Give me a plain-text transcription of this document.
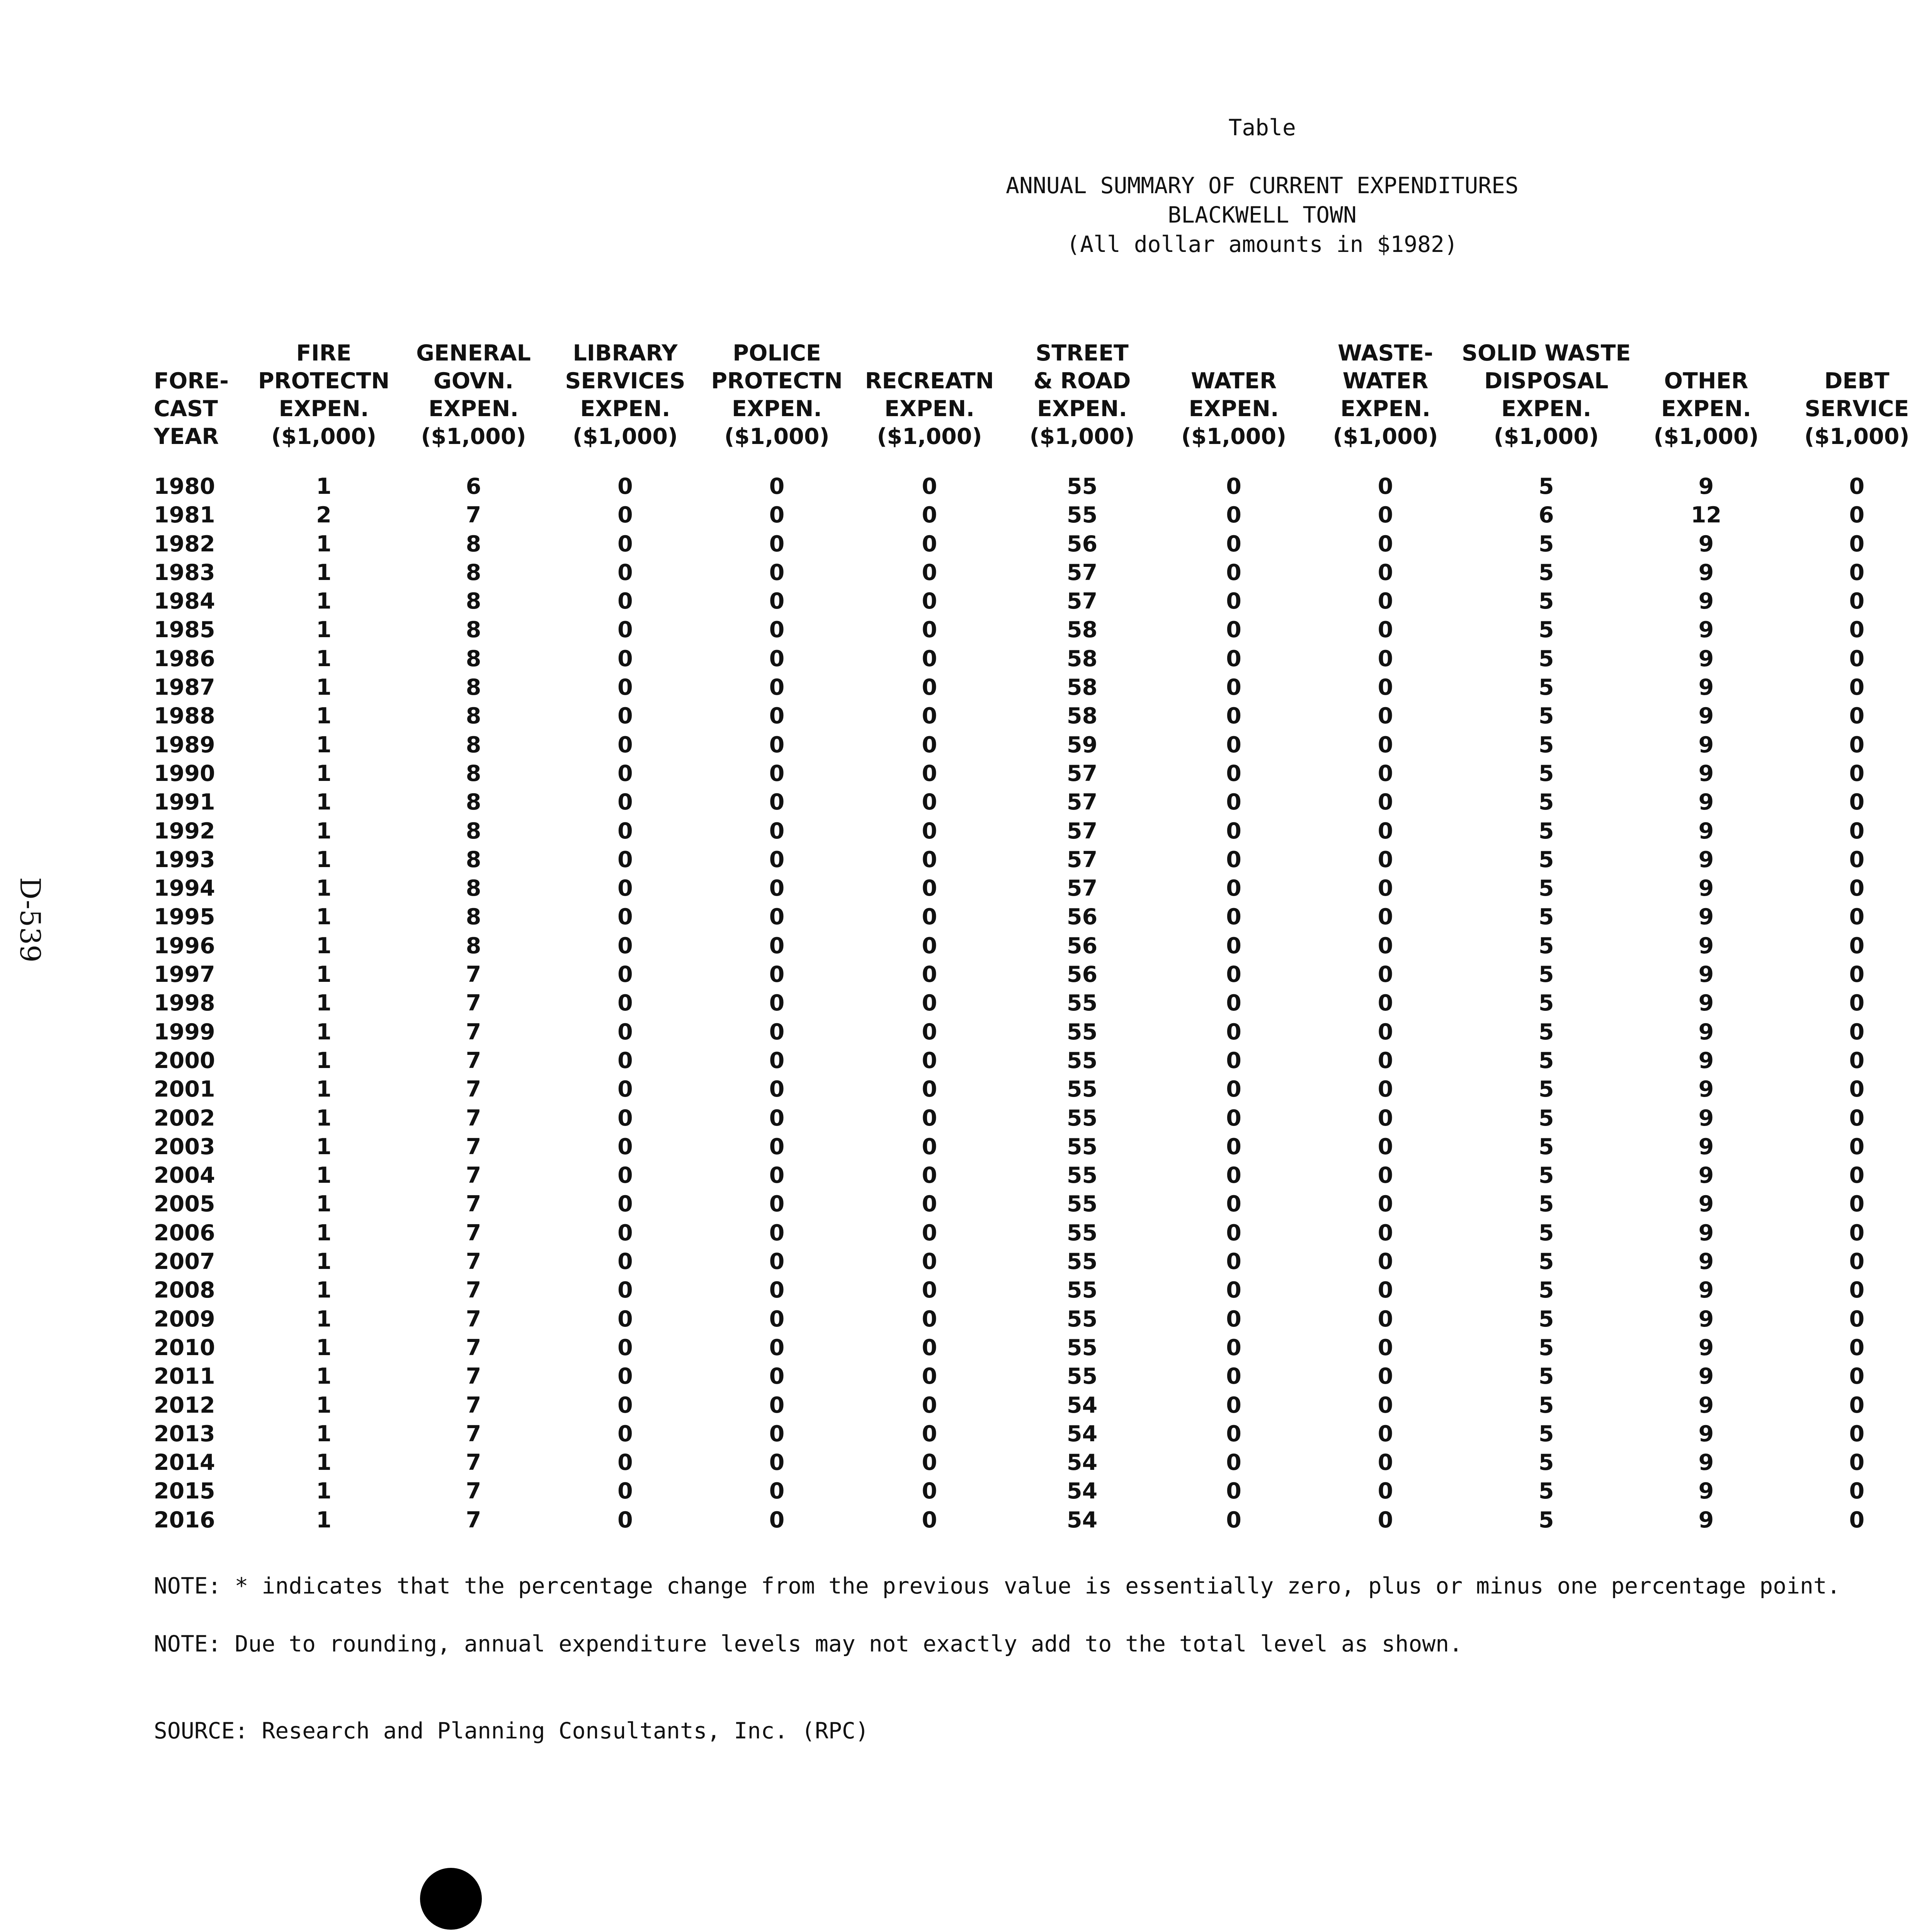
Table

ANNUAL SUMMARY OF CURRENT EXPENDITURES
BLACKWELL TOWN
(All dollar amounts in $1982)
D-539
	FIRE	GENERAL	LIBRARY	POLICE		STREET		WASTE-	SOLID WASTE					
FORE-	PROTECTN	GOVN.	SERVICES	PROTECTN	RECREATN	& ROAD	WATER	WATER	DISPOSAL	OTHER	DEBT			
CAST	EXPEN.	EXPEN.	EXPEN.	EXPEN.	EXPEN.	EXPEN.	EXPEN.	EXPEN.	EXPEN.	EXPEN.	SERVICE			
YEAR	($1,000)	($1,000)	($1,000)	($1,000)	($1,000)	($1,000)	($1,000)	($1,000)	($1,000)	($1,000)	($1,000)			

1980	1	6	0	0	0	55	0	0	5	9	0			
1981	2	7	0	0	0	55	0	0	6	12	0			
1982	1	8	0	0	0	56	0	0	5	9	0			
1983	1	8	0	0	0	57	0	0	5	9	0			
1984	1	8	0	0	0	57	0	0	5	9	0			
1985	1	8	0	0	0	58	0	0	5	9	0			
1986	1	8	0	0	0	58	0	0	5	9	0			
1987	1	8	0	0	0	58	0	0	5	9	0			
1988	1	8	0	0	0	58	0	0	5	9	0			
1989	1	8	0	0	0	59	0	0	5	9	0			
1990	1	8	0	0	0	57	0	0	5	9	0			
1991	1	8	0	0	0	57	0	0	5	9	0			
1992	1	8	0	0	0	57	0	0	5	9	0			
1993	1	8	0	0	0	57	0	0	5	9	0			
1994	1	8	0	0	0	57	0	0	5	9	0			
1995	1	8	0	0	0	56	0	0	5	9	0			
1996	1	8	0	0	0	56	0	0	5	9	0			
1997	1	7	0	0	0	56	0	0	5	9	0			
1998	1	7	0	0	0	55	0	0	5	9	0			
1999	1	7	0	0	0	55	0	0	5	9	0			
2000	1	7	0	0	0	55	0	0	5	9	0			
2001	1	7	0	0	0	55	0	0	5	9	0			
2002	1	7	0	0	0	55	0	0	5	9	0			
2003	1	7	0	0	0	55	0	0	5	9	0			
2004	1	7	0	0	0	55	0	0	5	9	0			
2005	1	7	0	0	0	55	0	0	5	9	0			
2006	1	7	0	0	0	55	0	0	5	9	0			
2007	1	7	0	0	0	55	0	0	5	9	0			
2008	1	7	0	0	0	55	0	0	5	9	0			
2009	1	7	0	0	0	55	0	0	5	9	0			
2010	1	7	0	0	0	55	0	0	5	9	0			
2011	1	7	0	0	0	55	0	0	5	9	0			
2012	1	7	0	0	0	54	0	0	5	9	0			
2013	1	7	0	0	0	54	0	0	5	9	0			
2014	1	7	0	0	0	54	0	0	5	9	0			
2015	1	7	0	0	0	54	0	0	5	9	0			
2016	1	7	0	0	0	54	0	0	5	9	0			
NOTE: * indicates that the percentage change from the previous value is essentially zero, plus or minus one percentage point.
NOTE: Due to rounding, annual expenditure levels may not exactly add to the total level as shown.
SOURCE: Research and Planning Consultants, Inc. (RPC)
